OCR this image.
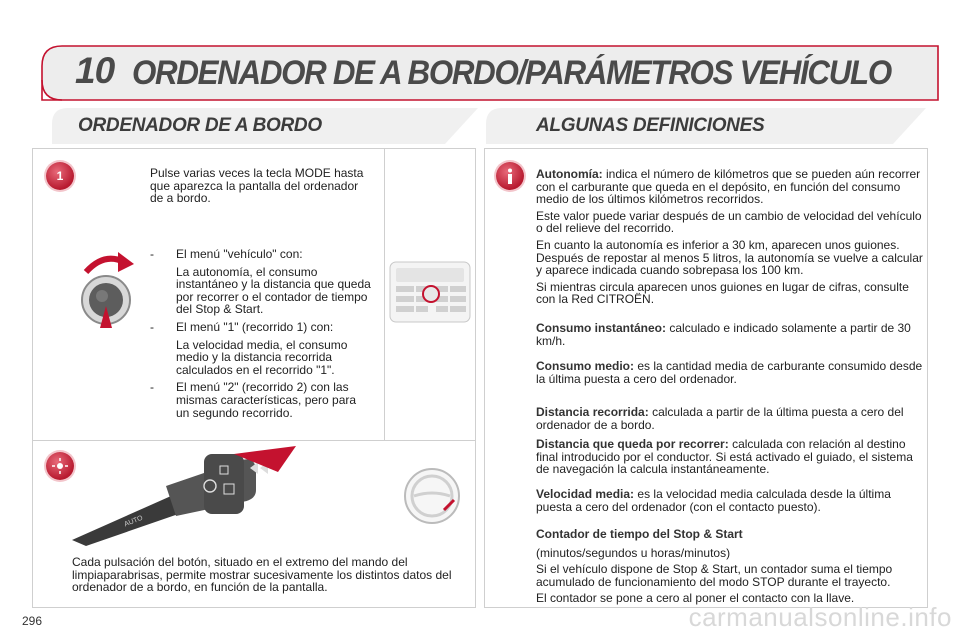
10 ORDENADOR DE A BORDO/PARÁMETROS VEHÍCULO
ORDENADOR DE A BORDO	ALGUNAS DEFINICIONES
1	Pulse varias veces la tecla MODE hasta que aparezca la pantalla del ordenador de a bordo.
-	El menú "vehículo" con:

La autonomía, el consumo instantáneo y la distancia que queda por recorrer o el contador de tiempo del Stop & Start.

-	El menú "1" (recorrido 1) con:

La velocidad media, el consumo medio y la distancia recorrida calculados en el recorrido "1".

-	El menú "2" (recorrido 2) con las mismas características, pero para un segundo recorrido.
AUTO
Cada pulsación del botón, situado en el extremo del mando del limpiaparabrisas, permite mostrar sucesivamente los distintos datos del ordenador de a bordo, en función de la pantalla.

Autonomía: indica el número de kilómetros que se pueden aún recorrer con el carburante que queda en el depósito, en función del consumo medio de los últimos kilómetros recorridos.

Este valor puede variar después de un cambio de velocidad del vehículo o del relieve del recorrido.

En cuanto la autonomía es inferior a 30 km, aparecen unos guiones. Después de repostar al menos 5 litros, la autonomía se vuelve a calcular y aparece indicada cuando sobrepasa los 100 km.

Si mientras circula aparecen unos guiones en lugar de cifras, consulte con la Red CITROËN.

Consumo instantáneo: calculado e indicado solamente a partir de 30 km/h.

Consumo medio: es la cantidad media de carburante consumido desde la última puesta a cero del ordenador.

Distancia recorrida: calculada a partir de la última puesta a cero del ordenador de a bordo.

Distancia que queda por recorrer: calculada con relación al destino final introducido por el conductor. Si está activado el guiado, el sistema de navegación la calcula instantáneamente.

Velocidad media: es la velocidad media calculada desde la última puesta a cero del ordenador (con el contacto puesto).

Contador de tiempo del Stop & Start

(minutos/segundos u horas/minutos)

Si el vehículo dispone de Stop & Start, un contador suma el tiempo acumulado de funcionamiento del modo STOP durante el trayecto.

El contador se pone a cero al poner el contacto con la llave.

296	carmanualsonline.info
